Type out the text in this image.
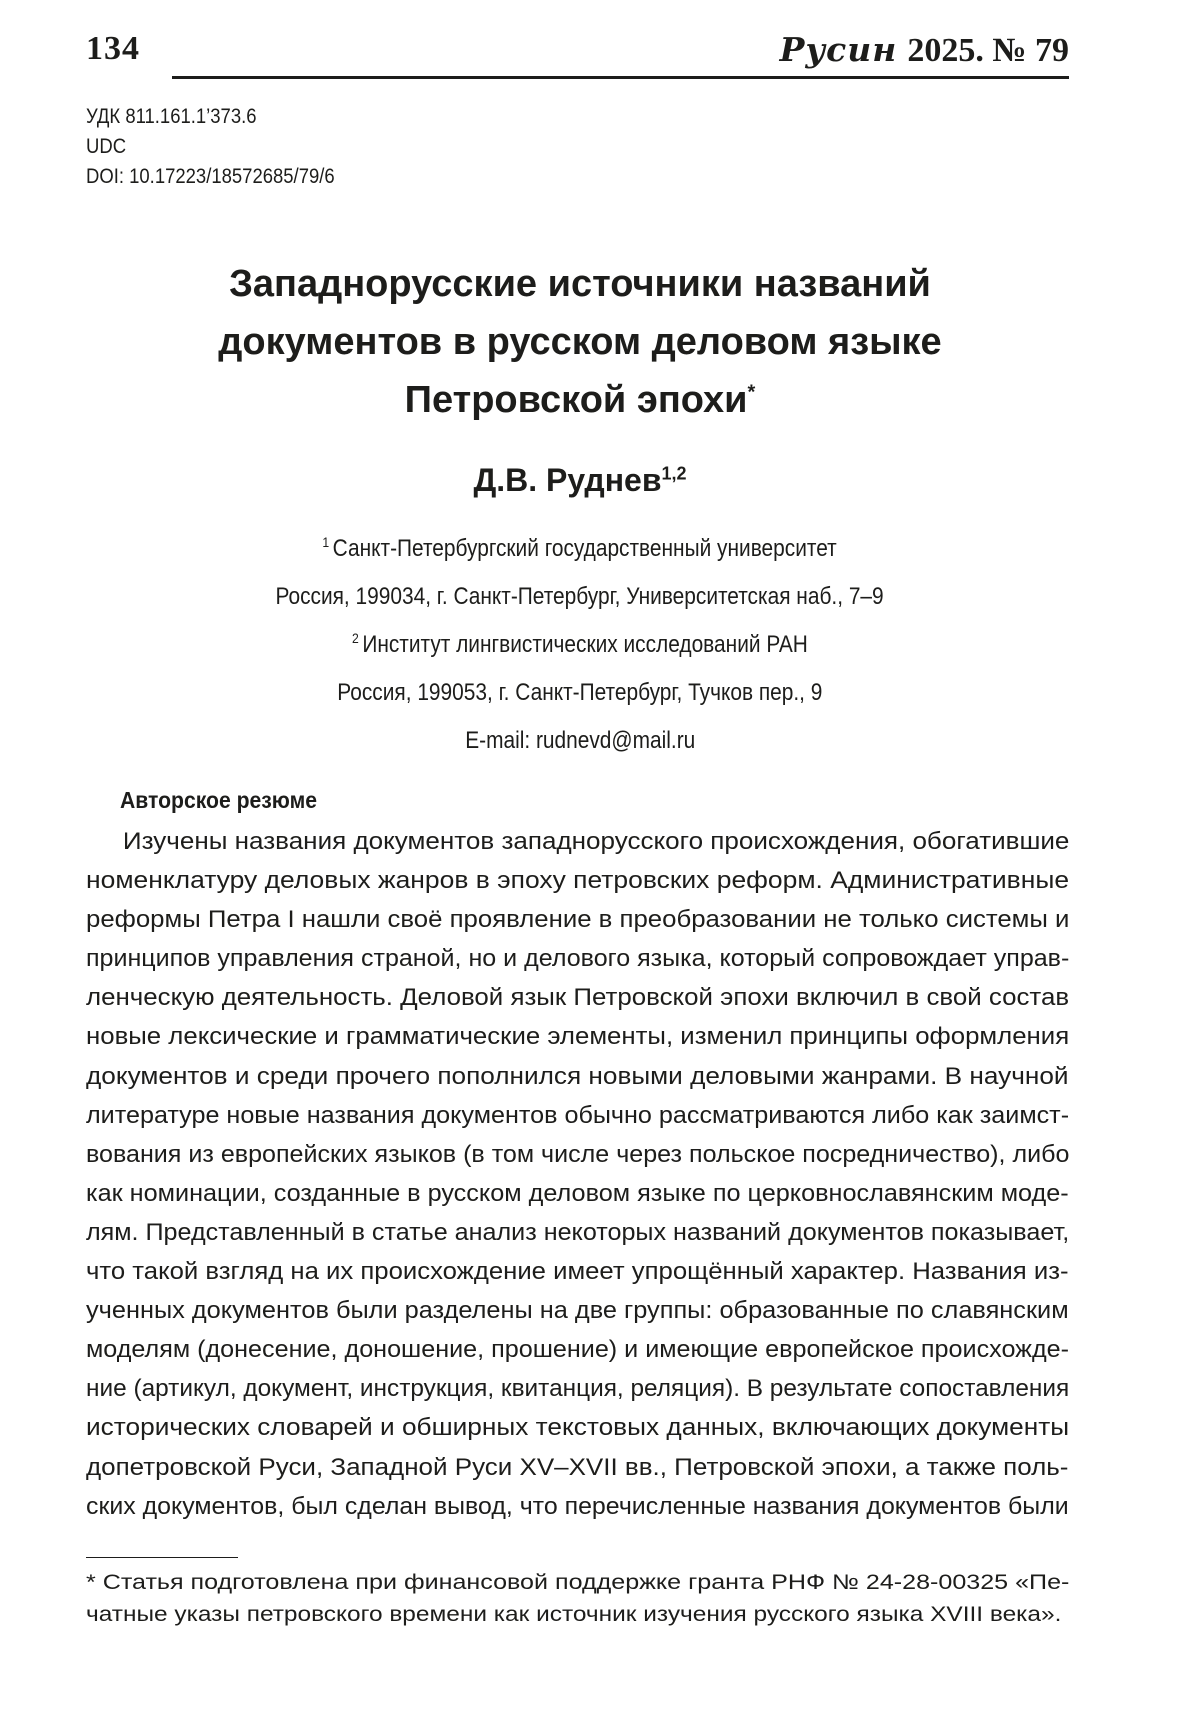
134	Русин 2025. № 79
УДК 811.161.1’373.6
UDC
DOI: 10.17223/18572685/79/6
Западнорусские источники названий
документов в русском деловом языке
Петровской эпохи*
Д.В. Руднев$^{1,2}$
$^1$ Санкт-Петербургский государственный университет
Россия, 199034, г. Санкт-Петербург, Университетская наб., 7–9
$^2$ Институт лингвистических исследований РАН
Россия, 199053, г. Санкт-Петербург, Тучков пер., 9
E-mail: rudnevd@mail.ru
Авторское резюме
Изучены названия документов западнорусского происхождения, обогатившие
номенклатуру деловых жанров в эпоху петровских реформ. Административные
реформы Петра I нашли своё проявление в преобразовании не только системы и
принципов управления страной, но и делового языка, который сопровождает управ-
ленческую деятельность. Деловой язык Петровской эпохи включил в свой состав
новые лексические и грамматические элементы, изменил принципы оформления
документов и среди прочего пополнился новыми деловыми жанрами. В научной
литературе новые названия документов обычно рассматриваются либо как заимст-
вования из европейских языков (в том числе через польское посредничество), либо
как номинации, созданные в русском деловом языке по церковнославянским моде-
лям. Представленный в статье анализ некоторых названий документов показывает,
что такой взгляд на их происхождение имеет упрощённый характер. Названия из-
ученных документов были разделены на две группы: образованные по славянским
моделям (донесение, доношение, прошение) и имеющие европейское происхожде-
ние (артикул, документ, инструкция, квитанция, реляция). В результате сопоставления
исторических словарей и обширных текстовых данных, включающих документы
допетровской Руси, Западной Руси XV–XVII вв., Петровской эпохи, а также поль-
ских документов, был сделан вывод, что перечисленные названия документов были
* Статья подготовлена при финансовой поддержке гранта РНФ № 24-28-00325 «Пе-
чатные указы петровского времени как источник изучения русского языка XVIII века».
